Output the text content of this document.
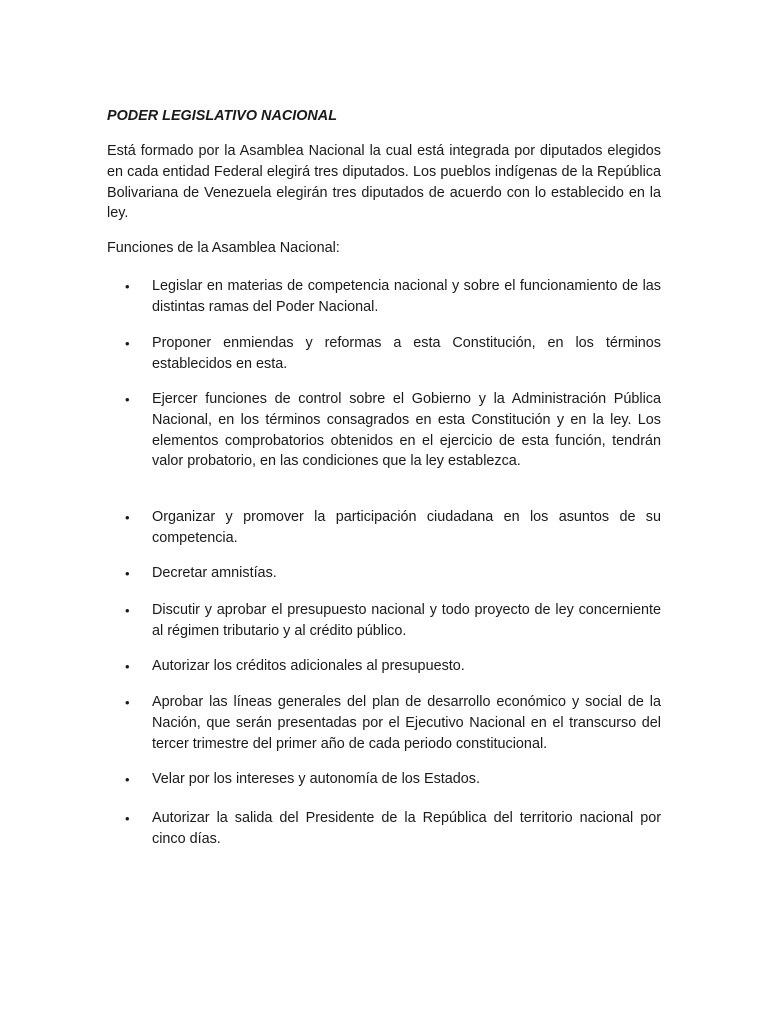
PODER LEGISLATIVO NACIONAL

Está formado por la Asamblea Nacional la cual está integrada por diputados elegidos en cada entidad Federal elegirá tres diputados. Los pueblos indígenas de la República Bolivariana de Venezuela elegirán tres diputados de acuerdo con lo establecido en la ley.

Funciones de la Asamblea Nacional:

•	Legislar en materias de competencia nacional y sobre el funcionamiento de las distintas ramas del Poder Nacional.

•	Proponer enmiendas y reformas a esta Constitución, en los términos establecidos en esta.

•	Ejercer funciones de control sobre el Gobierno y la Administración Pública Nacional, en los términos consagrados en esta Constitución y en la ley. Los elementos comprobatorios obtenidos en el ejercicio de esta función, tendrán valor probatorio, en las condiciones que la ley establezca.

•	Organizar y promover la participación ciudadana en los asuntos de su competencia.

•	Decretar amnistías.

•	Discutir y aprobar el presupuesto nacional y todo proyecto de ley concerniente al régimen tributario y al crédito público.

•	Autorizar los créditos adicionales al presupuesto.

•	Aprobar las líneas generales del plan de desarrollo económico y social de la Nación, que serán presentadas por el Ejecutivo Nacional en el transcurso del tercer trimestre del primer año de cada periodo constitucional.

•	Velar por los intereses y autonomía de los Estados.

•	Autorizar la salida del Presidente de la República del territorio nacional por cinco días.
